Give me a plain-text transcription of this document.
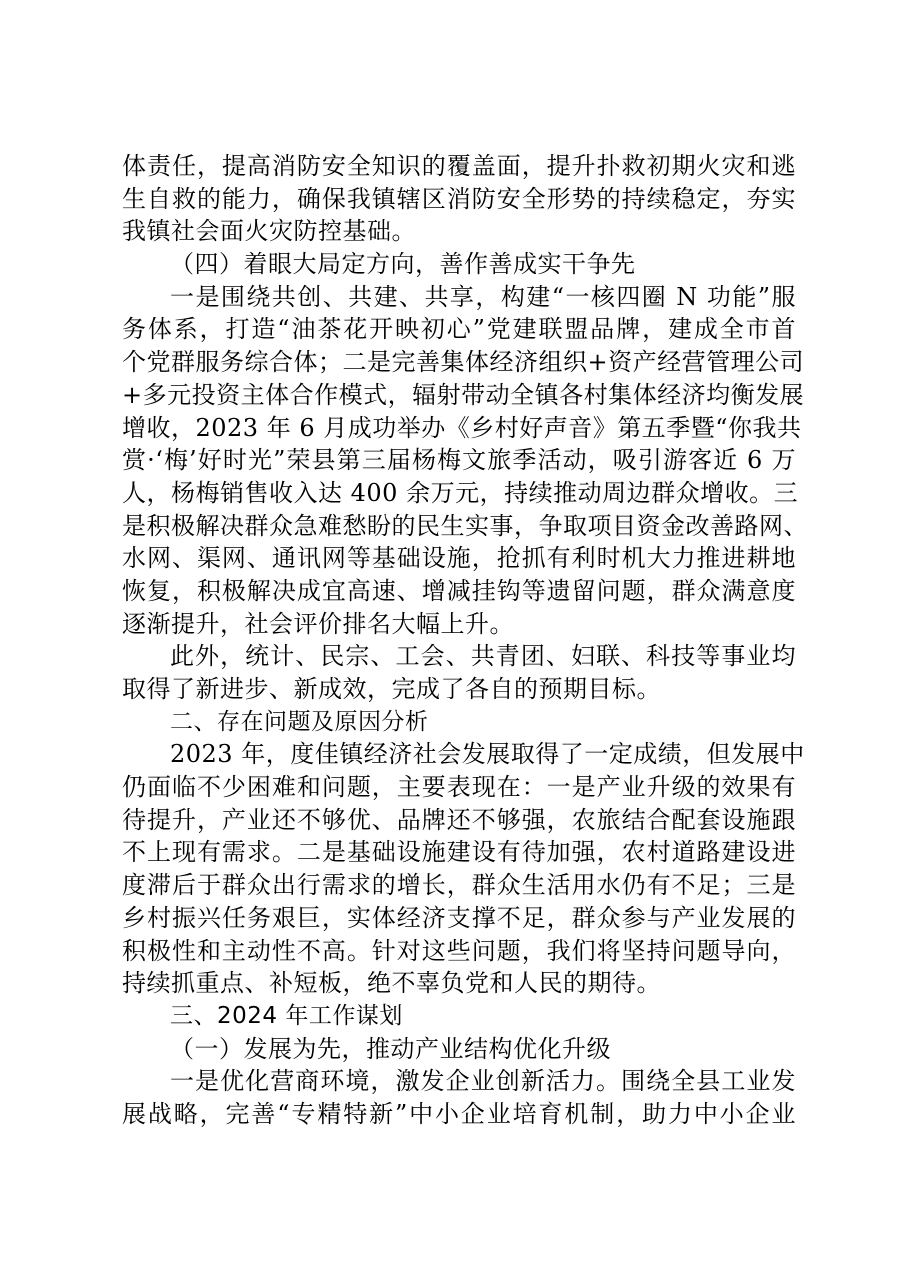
体责任，提高消防安全知识的覆盖面，提升扑救初期火灾和逃
生自救的能力，确保我镇辖区消防安全形势的持续稳定，夯实
我镇社会面火灾防控基础。
（四）着眼大局定方向，善作善成实干争先
一是围绕共创、共建、共享，构建“一核四圈 N 功能”服
务体系，打造“油茶花开映初心”党建联盟品牌，建成全市首
个党群服务综合体；二是完善集体经济组织+资产经营管理公司
+多元投资主体合作模式，辐射带动全镇各村集体经济均衡发展
增收，2023 年 6 月成功举办《乡村好声音》第五季暨“你我共
赏·‘梅’好时光”荣县第三届杨梅文旅季活动，吸引游客近 6 万
人，杨梅销售收入达 400 余万元，持续推动周边群众增收。三
是积极解决群众急难愁盼的民生实事，争取项目资金改善路网、
水网、渠网、通讯网等基础设施，抢抓有利时机大力推进耕地
恢复，积极解决成宜高速、增减挂钩等遗留问题，群众满意度
逐渐提升，社会评价排名大幅上升。
此外，统计、民宗、工会、共青团、妇联、科技等事业均
取得了新进步、新成效，完成了各自的预期目标。
二、存在问题及原因分析
2023 年，度佳镇经济社会发展取得了一定成绩，但发展中
仍面临不少困难和问题，主要表现在：一是产业升级的效果有
待提升，产业还不够优、品牌还不够强，农旅结合配套设施跟
不上现有需求。二是基础设施建设有待加强，农村道路建设进
度滞后于群众出行需求的增长，群众生活用水仍有不足；三是
乡村振兴任务艰巨，实体经济支撑不足，群众参与产业发展的
积极性和主动性不高。针对这些问题，我们将坚持问题导向，
持续抓重点、补短板，绝不辜负党和人民的期待。
三、2024 年工作谋划
（一）发展为先，推动产业结构优化升级
一是优化营商环境，激发企业创新活力。围绕全县工业发
展战略，完善“专精特新”中小企业培育机制，助力中小企业
